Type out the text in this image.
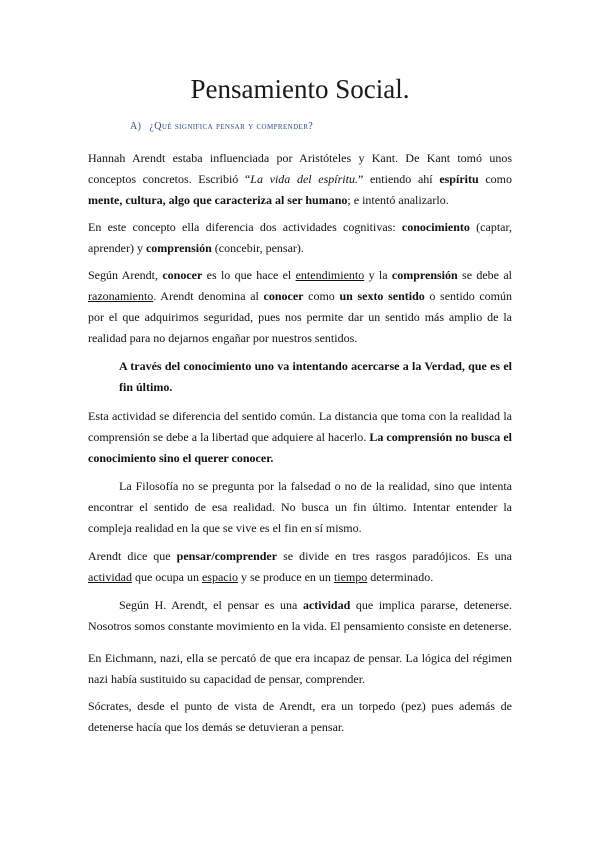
Pensamiento Social.

A) ¿Qué significa pensar y comprender?

Hannah Arendt estaba influenciada por Aristóteles y Kant. De Kant tomó unos conceptos concretos. Escribió “La vida del espíritu.” entiendo ahí espíritu como mente, cultura, algo que caracteriza al ser humano; e intentó analizarlo.

En este concepto ella diferencia dos actividades cognitivas: conocimiento (captar, aprender) y comprensión (concebir, pensar).

Según Arendt, conocer es lo que hace el entendimiento y la comprensión se debe al razonamiento. Arendt denomina al conocer como un sexto sentido o sentido común por el que adquirimos seguridad, pues nos permite dar un sentido más amplio de la realidad para no dejarnos engañar por nuestros sentidos.

A través del conocimiento uno va intentando acercarse a la Verdad, que es el fin último.

Esta actividad se diferencia del sentido común. La distancia que toma con la realidad la comprensión se debe a la libertad que adquiere al hacerlo. La comprensión no busca el conocimiento sino el querer conocer.

La Filosofía no se pregunta por la falsedad o no de la realidad, sino que intenta encontrar el sentido de esa realidad. No busca un fin último. Intentar entender la compleja realidad en la que se vive es el fin en sí mismo.

Arendt dice que pensar/comprender se divide en tres rasgos paradójicos. Es una actividad que ocupa un espacio y se produce en un tiempo determinado.

Según H. Arendt, el pensar es una actividad que implica pararse, detenerse. Nosotros somos constante movimiento en la vida. El pensamiento consiste en detenerse.

En Eichmann, nazi, ella se percató de que era incapaz de pensar. La lógica del régimen nazi había sustituido su capacidad de pensar, comprender.

Sócrates, desde el punto de vista de Arendt, era un torpedo (pez) pues además de detenerse hacía que los demás se detuvieran a pensar.
